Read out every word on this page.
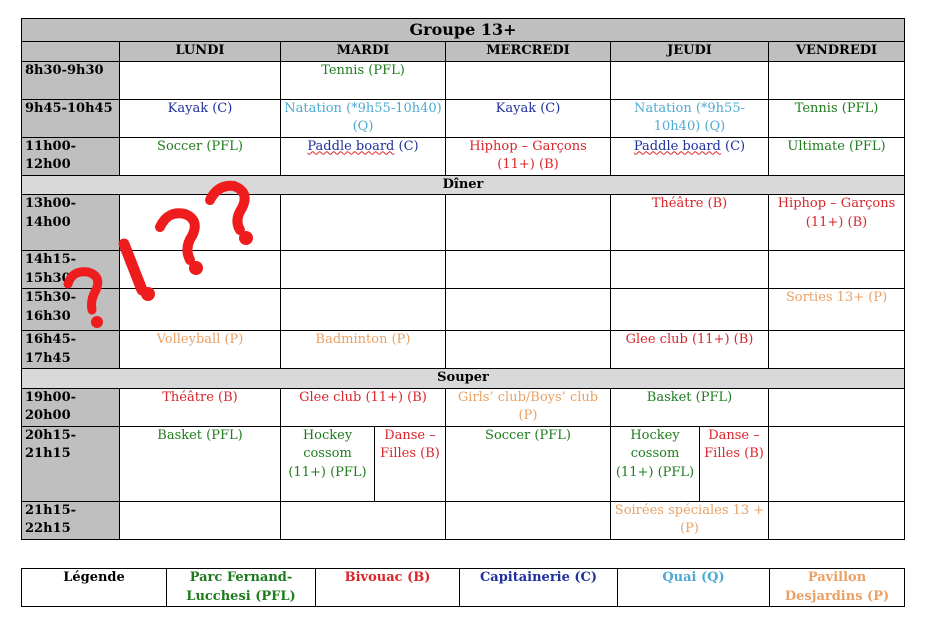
Groupe 13+							
	LUNDI	MARDI		MERCREDI	JEUDI		VENDREDI
8h30-9h30		Tennis (PFL)					
9h45-10h45	Kayak (C)	Natation (*9h55-10h40) (Q)		Kayak (C)	Natation (*9h55-10h40) (Q)		Tennis (PFL)
11h00-12h00	Soccer (PFL)	Paddle board (C)		Hiphop – Garçons (11+) (B)	Paddle board (C)		Ultimate (PFL)
Dîner							
13h00-14h00					Théâtre (B)		Hiphop – Garçons (11+) (B)
14h15-15h30							
15h30-16h30							Sorties 13+ (P)
16h45-17h45	Volleyball (P)	Badminton (P)			Glee club (11+) (B)		
Souper							
19h00-20h00	Théâtre (B)	Glee club (11+) (B)		Girls’ club/Boys’ club (P)	Basket (PFL)		
20h15-21h15	Basket (PFL)	Hockey cossom (11+) (PFL)	Danse – Filles (B)	Soccer (PFL)	Hockey cossom (11+) (PFL)	Danse – Filles (B)	
21h15-22h15					Soirées spéciales 13 + (P)		
Légende	Parc Fernand-Lucchesi (PFL)	Bivouac (B)	Capitainerie (C)	Quai (Q)	Pavillon Desjardins (P)
